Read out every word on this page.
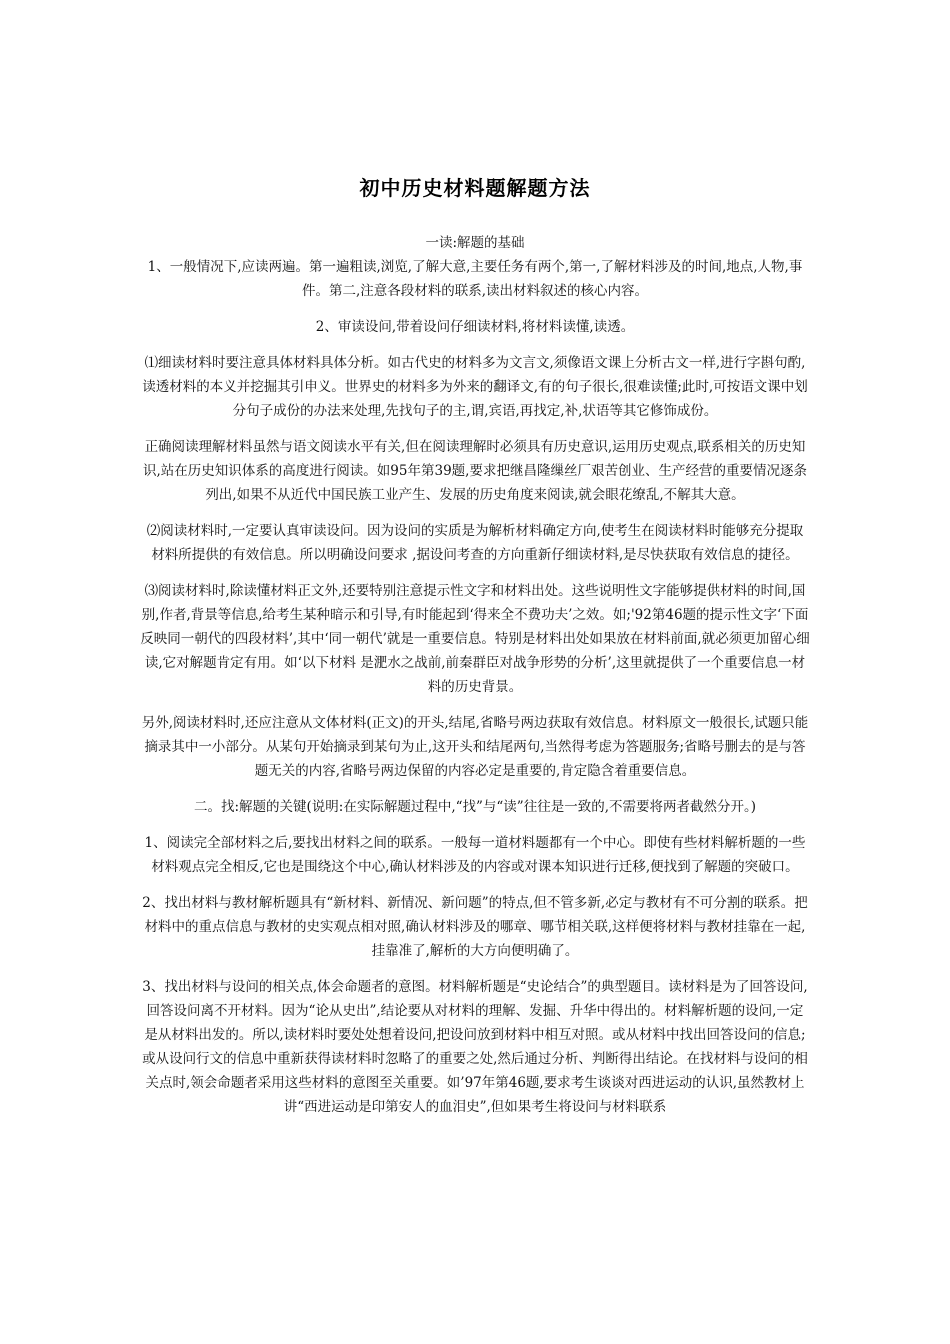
初中历史材料题解题方法

一读:解题的基础

1、一般情况下,应读两遍。第一遍粗读,浏览,了解大意,主要任务有两个,第一,了解材料涉及的时间,地点,人物,事件。第二,注意各段材料的联系,读出材料叙述的核心内容。

2、审读设问,带着设问仔细读材料,将材料读懂,读透。

⑴细读材料时要注意具体材料具体分析。如古代史的材料多为文言文,须像语文课上分析古文一样,进行字斟句酌,读透材料的本义并挖掘其引申义。世界史的材料多为外来的翻译文,有的句子很长,很难读懂;此时,可按语文课中划分句子成份的办法来处理,先找句子的主,谓,宾语,再找定,补,状语等其它修饰成份。

正确阅读理解材料虽然与语文阅读水平有关,但在阅读理解时必须具有历史意识,运用历史观点,联系相关的历史知识,站在历史知识体系的高度进行阅读。如95年第39题,要求把继昌隆缫丝厂艰苦创业、生产经营的重要情况逐条列出,如果不从近代中国民族工业产生、发展的历史角度来阅读,就会眼花缭乱,不解其大意。

⑵阅读材料时,一定要认真审读设问。因为设问的实质是为解析材料确定方向,使考生在阅读材料时能够充分提取材料所提供的有效信息。所以明确设问要求 ,据设问考查的方向重新仔细读材料,是尽快获取有效信息的捷径。

⑶阅读材料时,除读懂材料正文外,还要特别注意提示性文字和材料出处。这些说明性文字能够提供材料的时间,国别,作者,背景等信息,给考生某种暗示和引导,有时能起到‘得来全不费功夫’之效。如;'92第46题的提示性文字‘下面反映同一朝代的四段材料’,其中‘同一朝代’就是一重要信息。特别是材料出处如果放在材料前面,就必须更加留心细读,它对解题肯定有用。如‘以下材料 是淝水之战前,前秦群臣对战争形势的分析’,这里就提供了一个重要信息一材料的历史背景。

另外,阅读材料时,还应注意从文体材料(正文)的开头,结尾,省略号两边获取有效信息。材料原文一般很长,试题只能摘录其中一小部分。从某句开始摘录到某句为止,这开头和结尾两句,当然得考虑为答题服务;省略号删去的是与答题无关的内容,省略号两边保留的内容必定是重要的,肯定隐含着重要信息。

二。找:解题的关键(说明:在实际解题过程中,“找”与“读”往往是一致的,不需要将两者截然分开。)

1、阅读完全部材料之后,要找出材料之间的联系。一般每一道材料题都有一个中心。即使有些材料解析题的一些材料观点完全相反,它也是围绕这个中心,确认材料涉及的内容或对课本知识进行迁移,便找到了解题的突破口。

2、找出材料与教材解析题具有“新材料、新情况、新问题”的特点,但不管多新,必定与教材有不可分割的联系。把材料中的重点信息与教材的史实观点相对照,确认材料涉及的哪章、哪节相关联,这样便将材料与教材挂靠在一起,挂靠准了,解析的大方向便明确了。

3、找出材料与设问的相关点,体会命题者的意图。材料解析题是“史论结合”的典型题目。读材料是为了回答设问,回答设问离不开材料。因为“论从史出”,结论要从对材料的理解、发掘、升华中得出的。材料解析题的设问,一定是从材料出发的。所以,读材料时要处处想着设问,把设问放到材料中相互对照。或从材料中找出回答设问的信息;或从设问行文的信息中重新获得读材料时忽略了的重要之处,然后通过分析、判断得出结论。在找材料与设问的相关点时,领会命题者采用这些材料的意图至关重要。如’97年第46题,要求考生谈谈对西进运动的认识,虽然教材上讲“西进运动是印第安人的血泪史”,但如果考生将设问与材料联系
